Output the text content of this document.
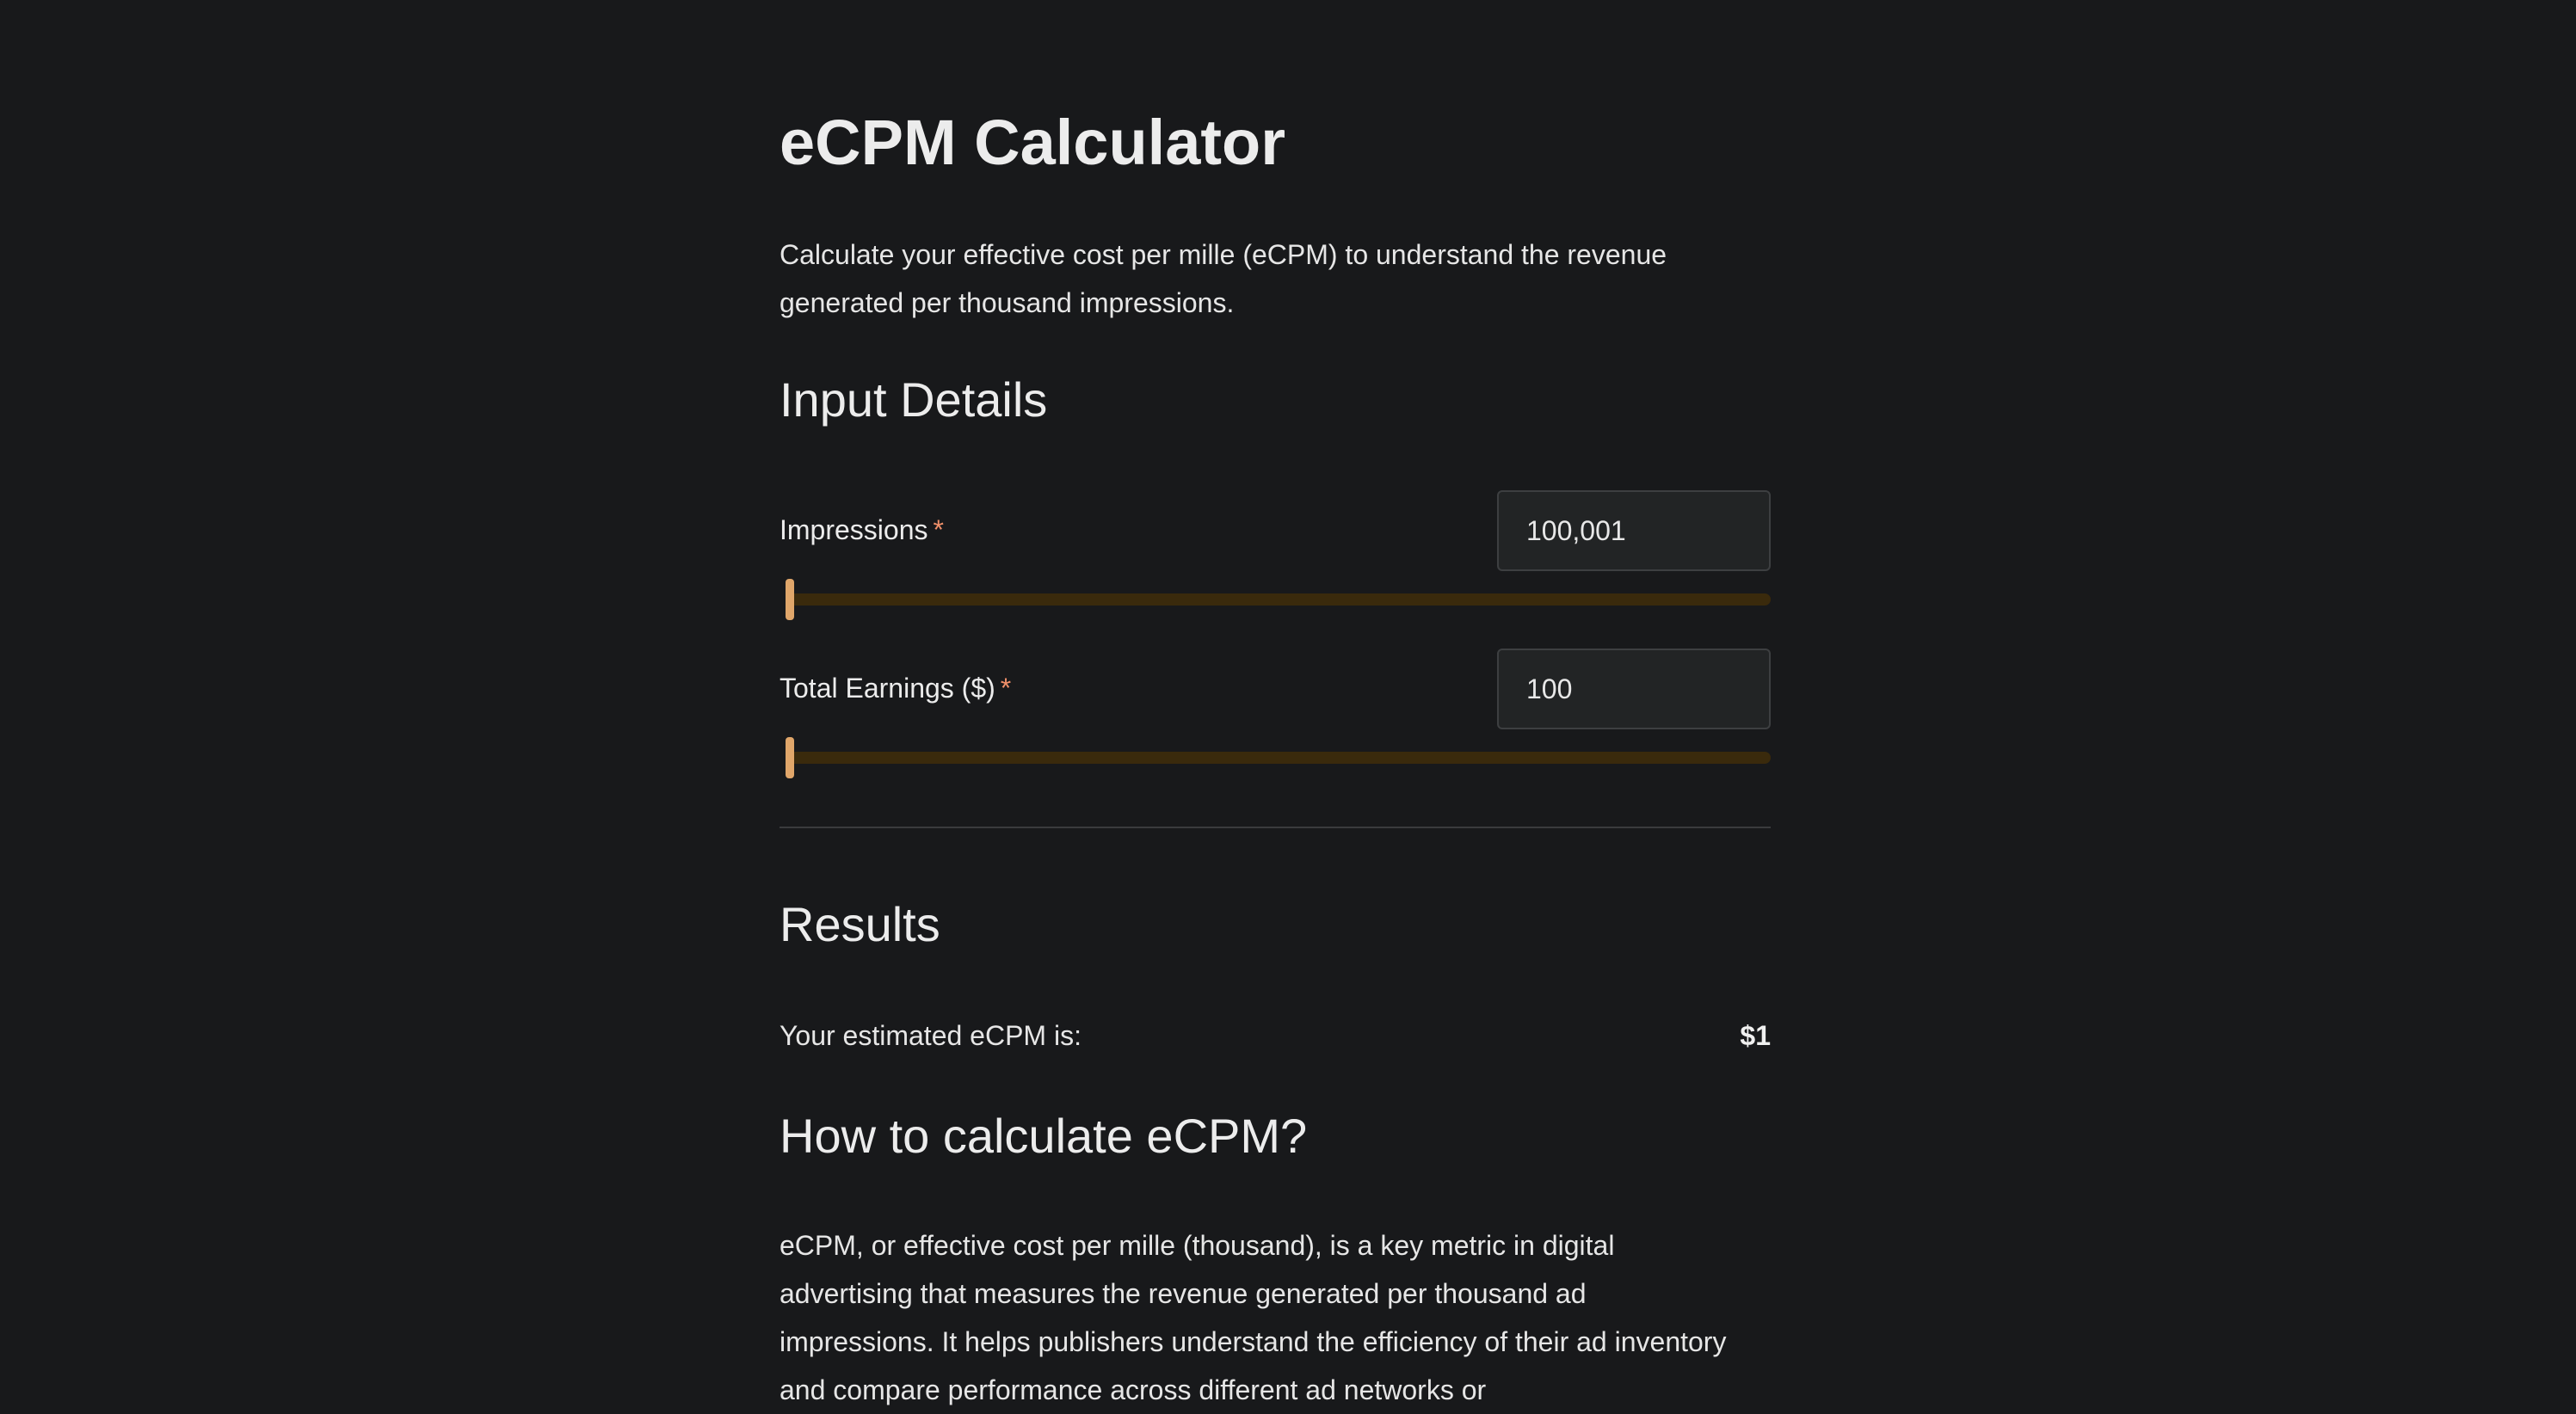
eCPM Calculator

Calculate your effective cost per mille (eCPM) to understand the revenue generated per thousand impressions.

Input Details
Impressions *
100,001
Total Earnings ($) *
100
Results
Your estimated eCPM is:	$1
How to calculate eCPM?

eCPM, or effective cost per mille (thousand), is a key metric in digital advertising that measures the revenue generated per thousand ad impressions. It helps publishers understand the efficiency of their ad inventory and compare performance across different ad networks or
